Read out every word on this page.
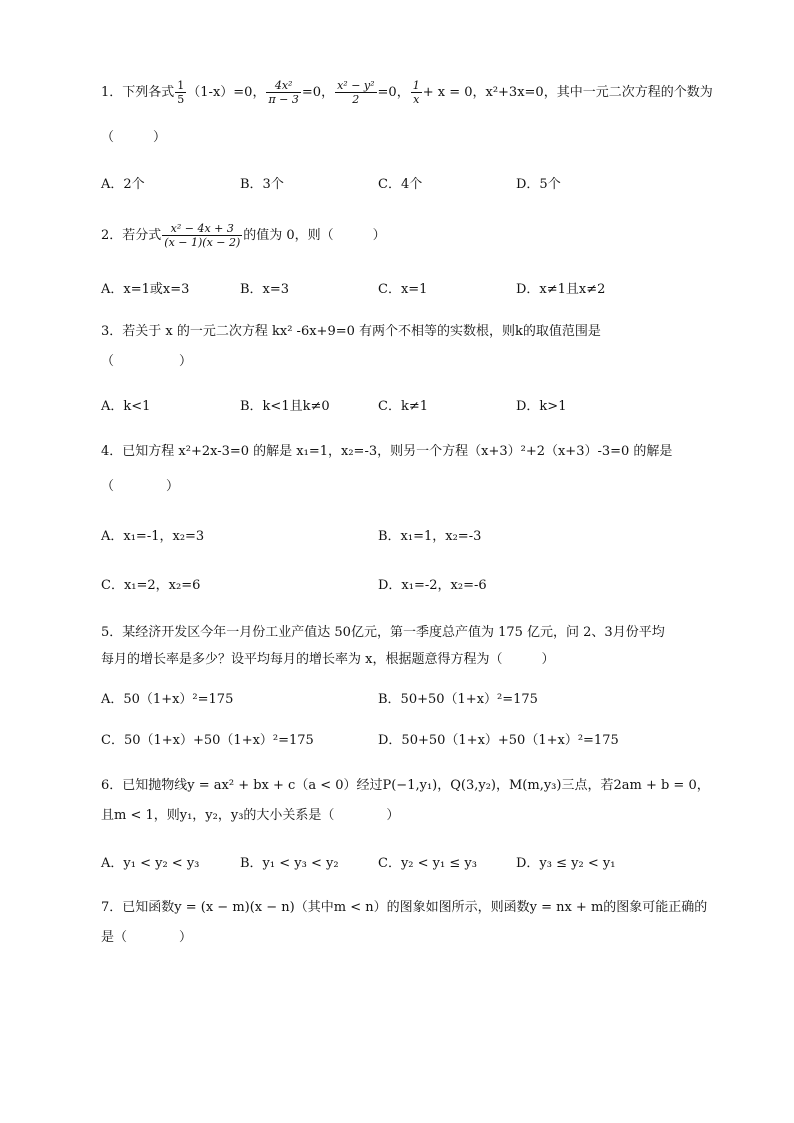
1．下列各式 $\frac{1}{5} (1-x)=0$， $\frac{\text{4x²}}{\pi - 3} =0$， $\frac{\text{x² − y²}}{2} =0$， $\frac{1}{x} + x = 0$，x²+3x=0，其中一元二次方程的个数为
（　　　）
A．2个	B．3个	C．4个	D．5个
2．若分式 $\frac{\text{x² − 4x + 3}}{(x - 1)(x - 2)}$ 的值为 0，则（　　　）
A．x=1或x=3	B．x=3	C．x=1	D．x≠1且x≠2
3．若关于 x 的一元二次方程 kx² -6x+9=0 有两个不相等的实数根，则k的取值范围是
（　　　　　）
A．k<1	B．k<1且k≠0	C．k≠1	D．k>1
4．已知方程 x²+2x-3=0 的解是 x₁=1，x₂=-3，则另一个方程（x+3）²+2（x+3）-3=0 的解是
（　　　　）
A．x₁=-1，x₂=3	B．x₁=1，x₂=-3
C．x₁=2，x₂=6	D．x₁=-2，x₂=-6
5．某经济开发区今年一月份工业产值达 50亿元，第一季度总产值为 175 亿元，问 2、3月份平均
每月的增长率是多少？设平均每月的增长率为 x，根据题意得方程为（　　　）
A．50（1+x）²=175	B．50+50（1+x）²=175
C．50（1+x）+50（1+x）²=175	D．50+50（1+x）+50（1+x）²=175
6．已知抛物线y = ax² + bx + c（a < 0）经过P(−1,y₁)，Q(3,y₂)，M(m,y₃)三点，若2am + b = 0，
且m < 1，则y₁，y₂，y₃的大小关系是（　　　　）
A．y₁ < y₂ < y₃	B．y₁ < y₃ < y₂	C．y₂ < y₁ ≤ y₃	D．y₃ ≤ y₂ < y₁
7．已知函数y = (x − m)(x − n)（其中m < n）的图象如图所示，则函数y = nx + m的图象可能正确的
是（　　　　）
